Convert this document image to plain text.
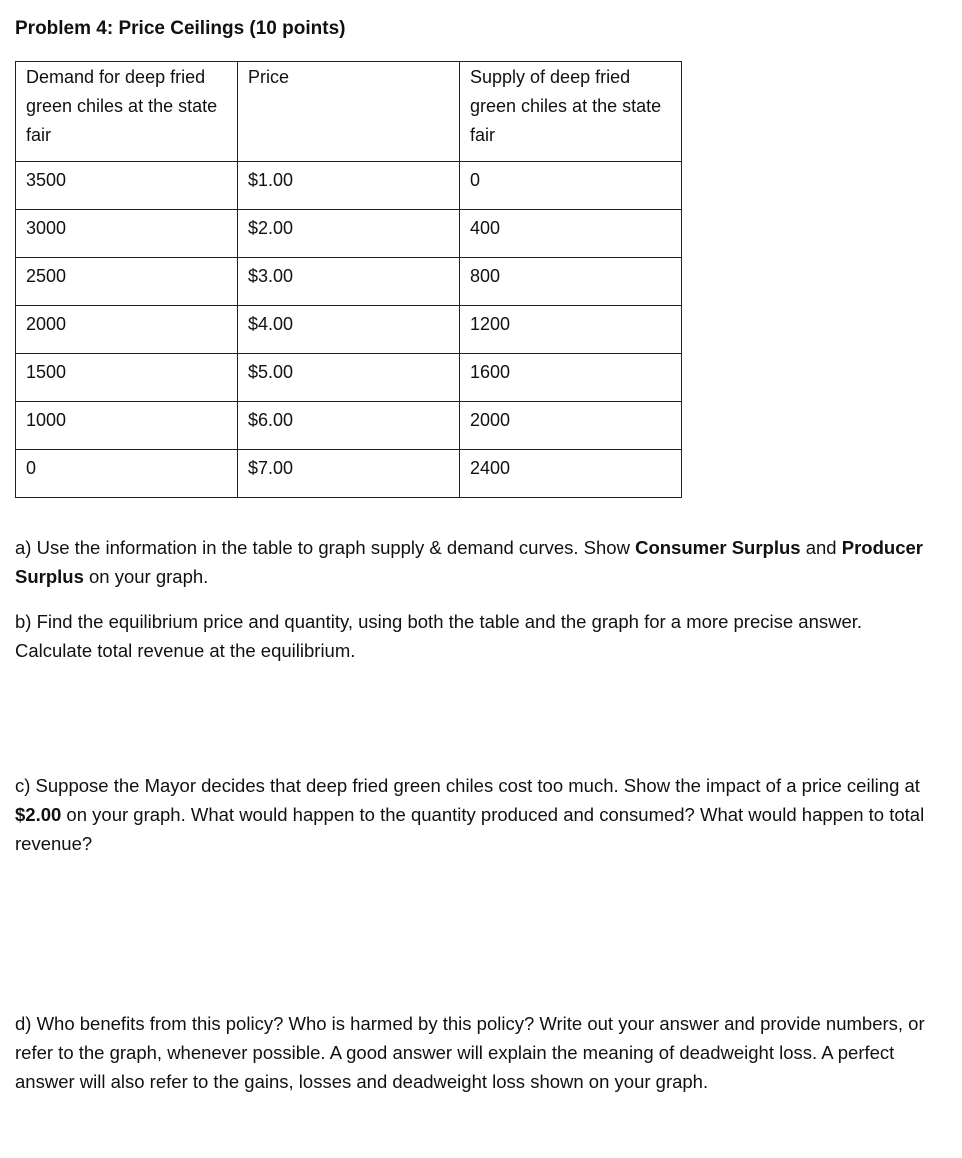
Problem 4: Price Ceilings (10 points)
Demand for deep fried green chiles at the state fair	Price	Supply of deep fried green chiles at the state fair
3500	$1.00	0
3000	$2.00	400
2500	$3.00	800
2000	$4.00	1200
1500	$5.00	1600
1000	$6.00	2000
0	$7.00	2400

a) Use the information in the table to graph supply & demand curves. Show Consumer Surplus and Producer Surplus on your graph.

b) Find the equilibrium price and quantity, using both the table and the graph for a more precise answer. Calculate total revenue at the equilibrium.

c) Suppose the Mayor decides that deep fried green chiles cost too much. Show the impact of a price ceiling at $2.00 on your graph. What would happen to the quantity produced and consumed? What would happen to total revenue?

d) Who benefits from this policy? Who is harmed by this policy? Write out your answer and provide numbers, or refer to the graph, whenever possible. A good answer will explain the meaning of deadweight loss. A perfect answer will also refer to the gains, losses and deadweight loss shown on your graph.
